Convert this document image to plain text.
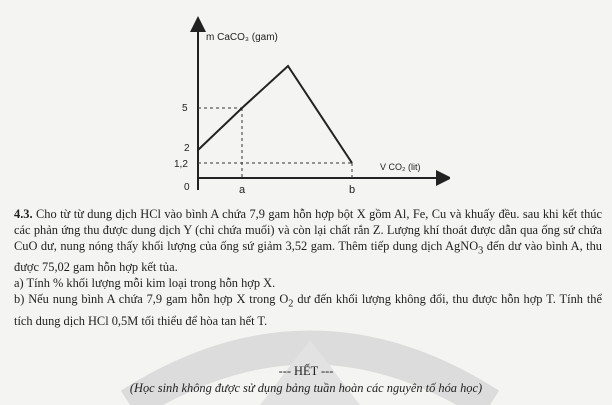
m CaCO₃ (gam)
V CO₂ (lit)
5
2
1,2
0	a	b

4.3. Cho từ từ dung dịch HCl vào bình A chứa 7,9 gam hỗn hợp bột X gồm Al, Fe, Cu và khuấy đều. sau khi kết thúc các phản ứng thu được dung dịch Y (chỉ chứa muối) và còn lại chất rắn Z. Lượng khí thoát được dẫn qua ống sứ chứa CuO dư, nung nóng thấy khối lượng của ống sứ giảm 3,52 gam. Thêm tiếp dung dịch AgNO$_3$ đến dư vào bình A, thu được 75,02 gam hỗn hợp kết tủa.

a) Tính % khối lượng mỗi kim loại trong hỗn hợp X.

b) Nếu nung bình A chứa 7,9 gam hỗn hợp X trong $O_2$ dư đến khối lượng không đổi, thu được hỗn hợp T. Tính thể tích dung dịch HCl 0,5M tối thiểu để hòa tan hết T.

--- HẾT ---
(Học sinh không được sử dụng bảng tuần hoàn các nguyên tố hóa học)
